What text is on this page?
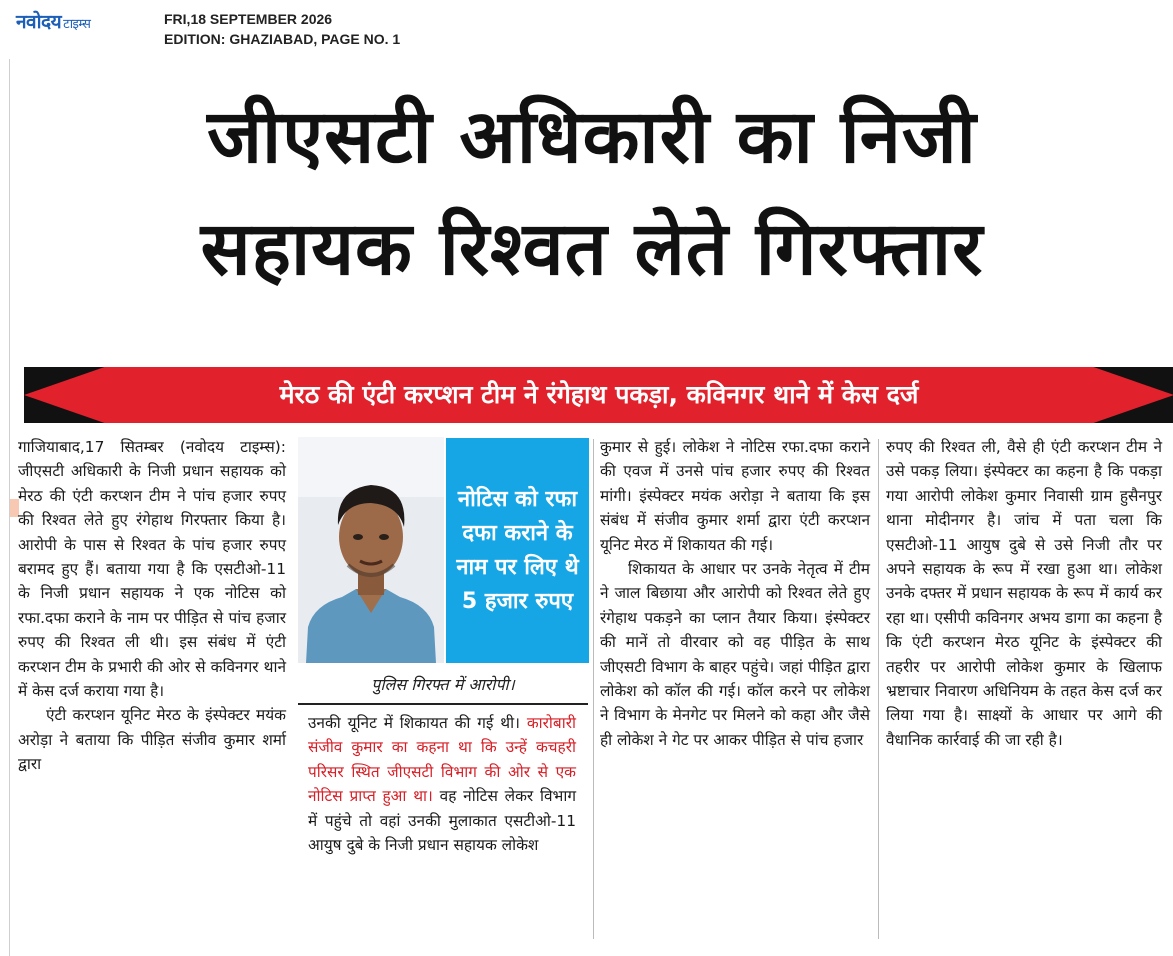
नवोदय टाइम्स	FRI,18 SEPTEMBER 2026
EDITION: GHAZIABAD, PAGE NO. 1
जीएसटी अधिकारी का निजी
सहायक रिश्वत लेते गिरफ्तार
मेरठ की एंटी करप्शन टीम ने रंगेहाथ पकड़ा, कविनगर थाने में केस दर्ज

गाजियाबाद,17 सितम्बर (नवोदय टाइम्स): जीएसटी अधिकारी के निजी प्रधान सहायक को मेरठ की एंटी करप्शन टीम ने पांच हजार रुपए की रिश्वत लेते हुए रंगेहाथ गिरफ्तार किया है। आरोपी के पास से रिश्वत के पांच हजार रुपए बरामद हुए हैं। बताया गया है कि एसटीओ-11 के निजी प्रधान सहायक ने एक नोटिस को रफा.दफा कराने के नाम पर पीड़ित से पांच हजार रुपए की रिश्वत ली थी। इस संबंध में एंटी करप्शन टीम के प्रभारी की ओर से कविनगर थाने में केस दर्ज कराया गया है।

एंटी करप्शन यूनिट मेरठ के इंस्पेक्टर मयंक अरोड़ा ने बताया कि पीड़ित संजीव कुमार शर्मा द्वारा

नोटिस को रफा दफा कराने के नाम पर लिए थे 5 हजार रुपए
पुलिस गिरफ्त में आरोपी।

उनकी यूनिट में शिकायत की गई थी। कारोबारी संजीव कुमार का कहना था कि उन्हें कचहरी परिसर स्थित जीएसटी विभाग की ओर से एक नोटिस प्राप्त हुआ था। वह नोटिस लेकर विभाग में पहुंचे तो वहां उनकी मुलाकात एसटीओ-11 आयुष दुबे के निजी प्रधान सहायक लोकेश

कुमार से हुई। लोकेश ने नोटिस रफा.दफा कराने की एवज में उनसे पांच हजार रुपए की रिश्वत मांगी। इंस्पेक्टर मयंक अरोड़ा ने बताया कि इस संबंध में संजीव कुमार शर्मा द्वारा एंटी करप्शन यूनिट मेरठ में शिकायत की गई।

शिकायत के आधार पर उनके नेतृत्व में टीम ने जाल बिछाया और आरोपी को रिश्वत लेते हुए रंगेहाथ पकड़ने का प्लान तैयार किया। इंस्पेक्टर की मानें तो वीरवार को वह पीड़ित के साथ जीएसटी विभाग के बाहर पहुंचे। जहां पीड़ित द्वारा लोकेश को कॉल की गई। कॉल करने पर लोकेश ने विभाग के मेनगेट पर मिलने को कहा और जैसे ही लोकेश ने गेट पर आकर पीड़ित से पांच हजार

रुपए की रिश्वत ली, वैसे ही एंटी करप्शन टीम ने उसे पकड़ लिया। इंस्पेक्टर का कहना है कि पकड़ा गया आरोपी लोकेश कुमार निवासी ग्राम हुसैनपुर थाना मोदीनगर है। जांच में पता चला कि एसटीओ-11 आयुष दुबे से उसे निजी तौर पर अपने सहायक के रूप में रखा हुआ था। लोकेश उनके दफ्तर में प्रधान सहायक के रूप में कार्य कर रहा था। एसीपी कविनगर अभय डागा का कहना है कि एंटी करप्शन मेरठ यूनिट के इंस्पेक्टर की तहरीर पर आरोपी लोकेश कुमार के खिलाफ भ्रष्टाचार निवारण अधिनियम के तहत केस दर्ज कर लिया गया है। साक्ष्यों के आधार पर आगे की वैधानिक कार्रवाई की जा रही है।
